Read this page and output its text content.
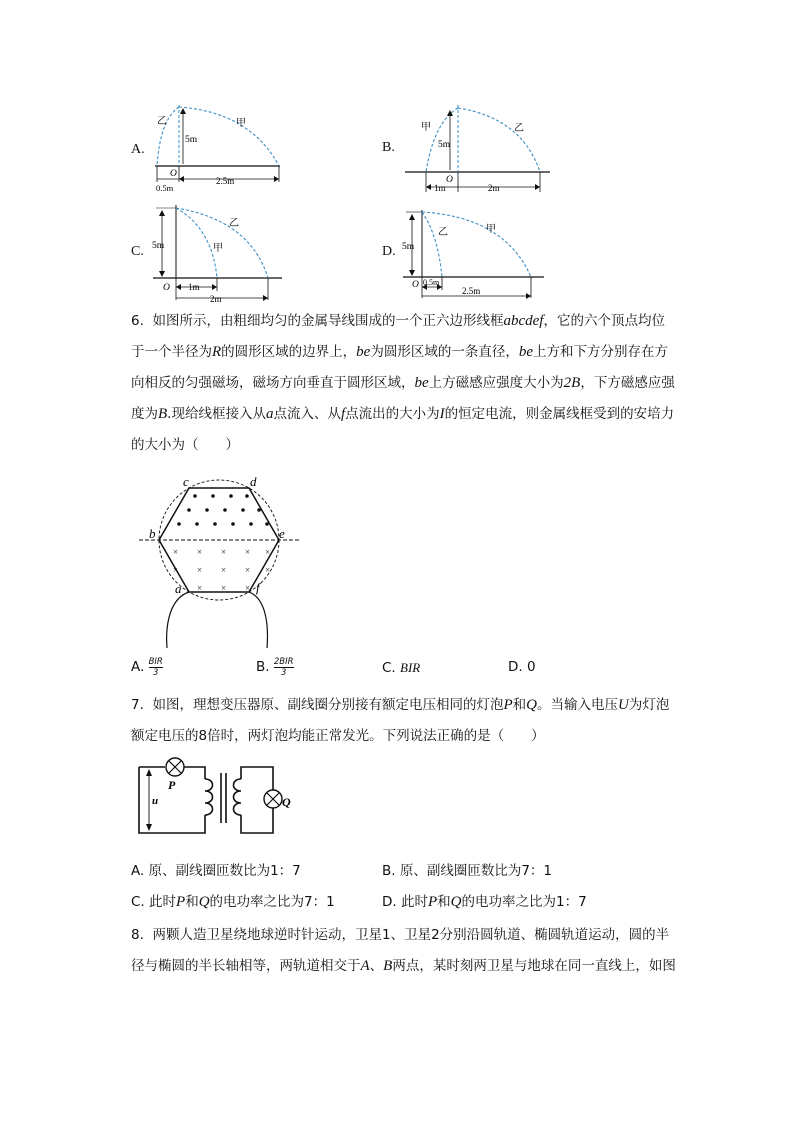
A.
乙	甲
5m
O
0.5m
2.5m
B.
甲	乙
5m
O
1m	2m
C.
乙
甲
5m
O 1m
2m
D.
乙	甲
5m
O 0.5m
2.5m
6. 如图所示，由粗细均匀的金属导线围成的一个正六边形线框abcdef，它的六个顶点均位
于一个半径为R的圆形区域的边界上，be为圆形区域的一条直径，be上方和下方分别存在方
向相反的匀强磁场，磁场方向垂直于圆形区域，be上方磁感应强度大小为2B，下方磁感应强
度为B.现给线框接入从a点流入、从f点流出的大小为I的恒定电流，则金属线框受到的安培力
的大小为（　　）
× × × × ×
× × × × ×
× × ×
c	d
b	e
a	f
A. $\frac{\text{BIR}}{3}$	B. $\frac{\text{2BIR}}{3}$	C. BIR	D. 0
7. 如图，理想变压器原、副线圈分别接有额定电压相同的灯泡P和Q。当输入电压U为灯泡
额定电压的8倍时，两灯泡均能正常发光。下列说法正确的是（　　）
u
P
Q
A. 原、副线圈匝数比为1：7	B. 原、副线圈匝数比为7：1
C. 此时P和Q的电功率之比为7：1	D. 此时P和Q的电功率之比为1：7
8. 两颗人造卫星绕地球逆时针运动，卫星1、卫星2分别沿圆轨道、椭圆轨道运动，圆的半
径与椭圆的半长轴相等，两轨道相交于A、B两点，某时刻两卫星与地球在同一直线上，如图
